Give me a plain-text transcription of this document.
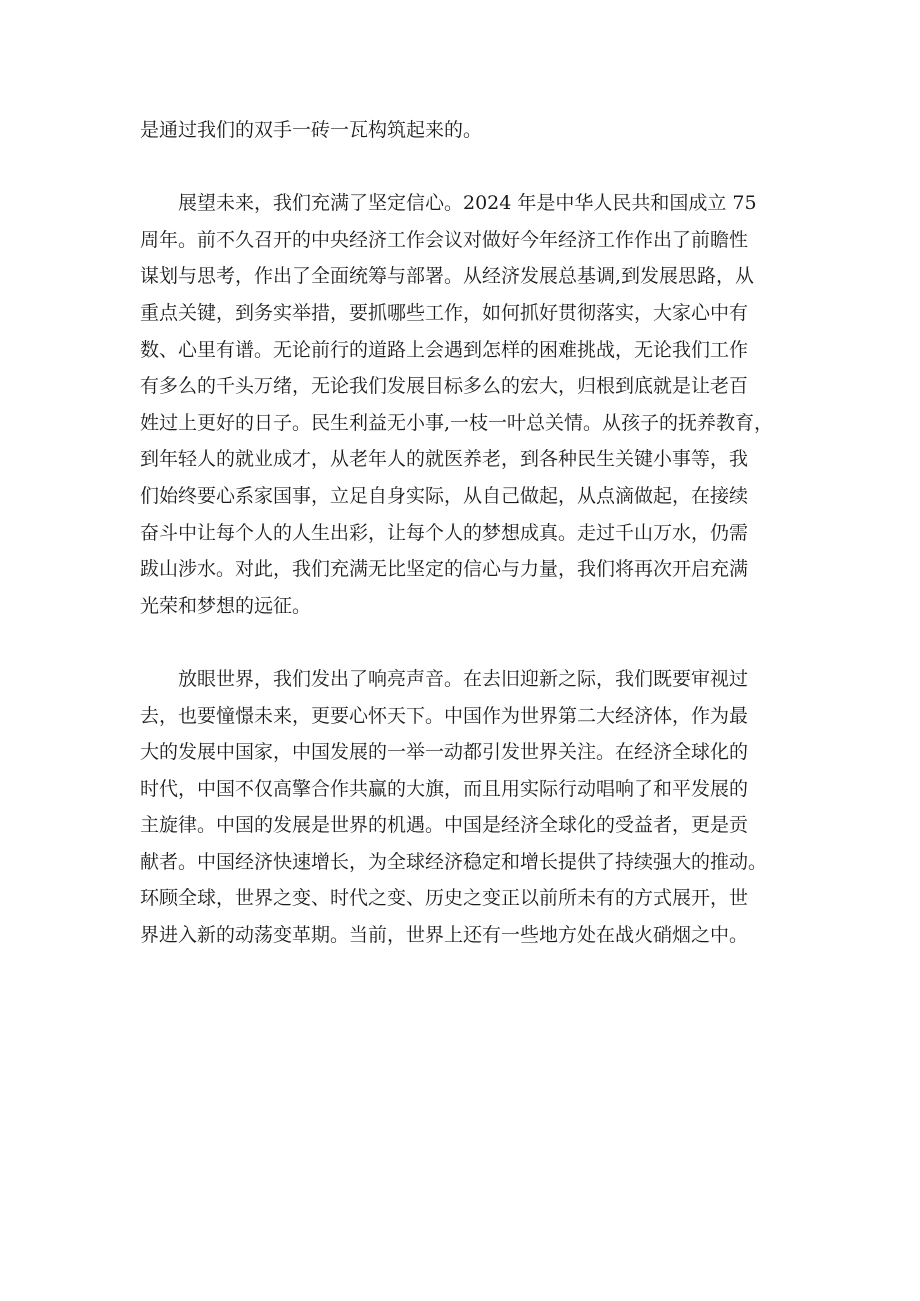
是通过我们的双手一砖一瓦构筑起来的。
展望未来，我们充满了坚定信心。2024 年是中华人民共和国成立 75
周年。前不久召开的中央经济工作会议对做好今年经济工作作出了前瞻性
谋划与思考，作出了全面统筹与部署。从经济发展总基调,到发展思路，从
重点关键，到务实举措，要抓哪些工作，如何抓好贯彻落实，大家心中有
数、心里有谱。无论前行的道路上会遇到怎样的困难挑战，无论我们工作
有多么的千头万绪，无论我们发展目标多么的宏大，归根到底就是让老百
姓过上更好的日子。民生利益无小事,一枝一叶总关情。从孩子的抚养教育，
到年轻人的就业成才，从老年人的就医养老，到各种民生关键小事等，我
们始终要心系家国事，立足自身实际，从自己做起，从点滴做起，在接续
奋斗中让每个人的人生出彩，让每个人的梦想成真。走过千山万水，仍需
跋山涉水。对此，我们充满无比坚定的信心与力量，我们将再次开启充满
光荣和梦想的远征。
放眼世界，我们发出了响亮声音。在去旧迎新之际，我们既要审视过
去，也要憧憬未来，更要心怀天下。中国作为世界第二大经济体，作为最
大的发展中国家，中国发展的一举一动都引发世界关注。在经济全球化的
时代，中国不仅高擎合作共赢的大旗，而且用实际行动唱响了和平发展的
主旋律。中国的发展是世界的机遇。中国是经济全球化的受益者，更是贡
献者。中国经济快速增长，为全球经济稳定和增长提供了持续强大的推动。
环顾全球，世界之变、时代之变、历史之变正以前所未有的方式展开，世
界进入新的动荡变革期。当前，世界上还有一些地方处在战火硝烟之中。
